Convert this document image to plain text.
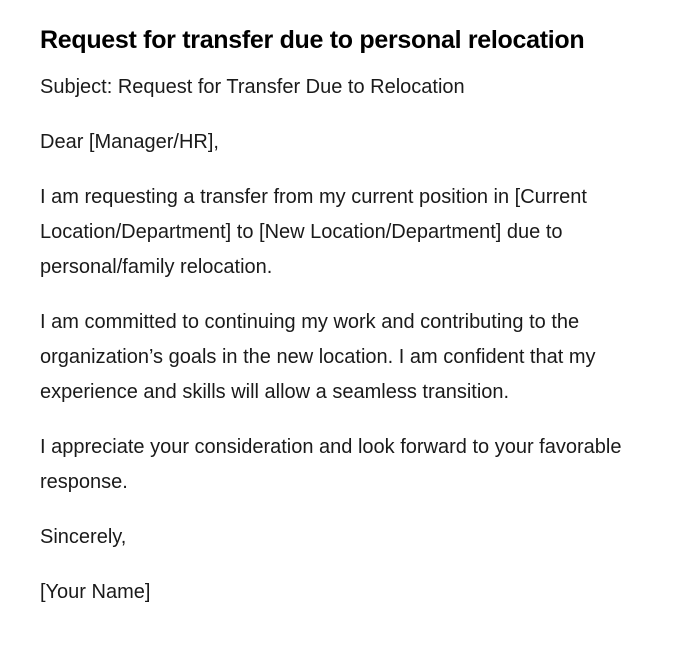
Request for transfer due to personal relocation

Subject: Request for Transfer Due to Relocation

Dear [Manager/HR],

I am requesting a transfer from my current position in [Current Location/Department] to [New Location/Department] due to personal/family relocation.

I am committed to continuing my work and contributing to the organization’s goals in the new location. I am confident that my experience and skills will allow a seamless transition.

I appreciate your consideration and look forward to your favorable response.

Sincerely,

[Your Name]
